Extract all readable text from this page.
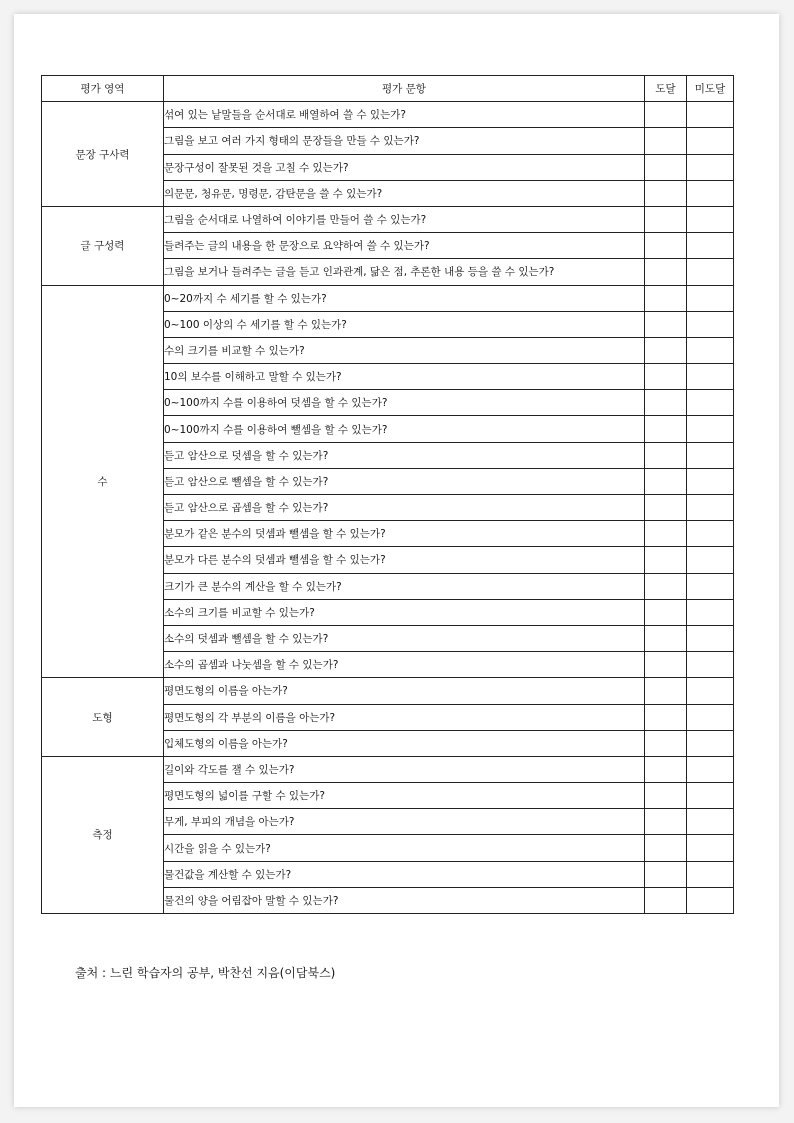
평가 영역	평가 문항	도달	미도달
문장 구사력	섞여 있는 낱말들을 순서대로 배열하여 쓸 수 있는가?		
	그림을 보고 여러 가지 형태의 문장들을 만들 수 있는가?		
	문장구성이 잘못된 것을 고칠 수 있는가?		
	의문문, 청유문, 명령문, 감탄문을 쓸 수 있는가?		
글 구성력	그림을 순서대로 나열하여 이야기를 만들어 쓸 수 있는가?		
	들려주는 글의 내용을 한 문장으로 요약하여 쓸 수 있는가?		
	그림을 보거나 들려주는 글을 듣고 인과관계, 닮은 점, 추론한 내용 등을 쓸 수 있는가?		
수	0~20까지 수 세기를 할 수 있는가?		
	0~100 이상의 수 세기를 할 수 있는가?		
	수의 크기를 비교할 수 있는가?		
	10의 보수를 이해하고 말할 수 있는가?		
	0~100까지 수를 이용하여 덧셈을 할 수 있는가?		
	0~100까지 수를 이용하여 뺄셈을 할 수 있는가?		
	듣고 암산으로 덧셈을 할 수 있는가?		
	듣고 암산으로 뺄셈을 할 수 있는가?		
	듣고 암산으로 곱셈을 할 수 있는가?		
	분모가 같은 분수의 덧셈과 뺄셈을 할 수 있는가?		
	분모가 다른 분수의 덧셈과 뺄셈을 할 수 있는가?		
	크기가 큰 분수의 계산을 할 수 있는가?		
	소수의 크기를 비교할 수 있는가?		
	소수의 덧셈과 뺄셈을 할 수 있는가?		
	소수의 곱셈과 나눗셈을 할 수 있는가?		
도형	평면도형의 이름을 아는가?		
	평면도형의 각 부분의 이름을 아는가?		
	입체도형의 이름을 아는가?		
측정	길이와 각도를 잴 수 있는가?		
	평면도형의 넓이를 구할 수 있는가?		
	무게, 부피의 개념을 아는가?		
	시간을 읽을 수 있는가?		
	물건값을 계산할 수 있는가?		
	물건의 양을 어림잡아 말할 수 있는가?		
출처 : 느린 학습자의 공부, 박찬선 지음(이담북스)
